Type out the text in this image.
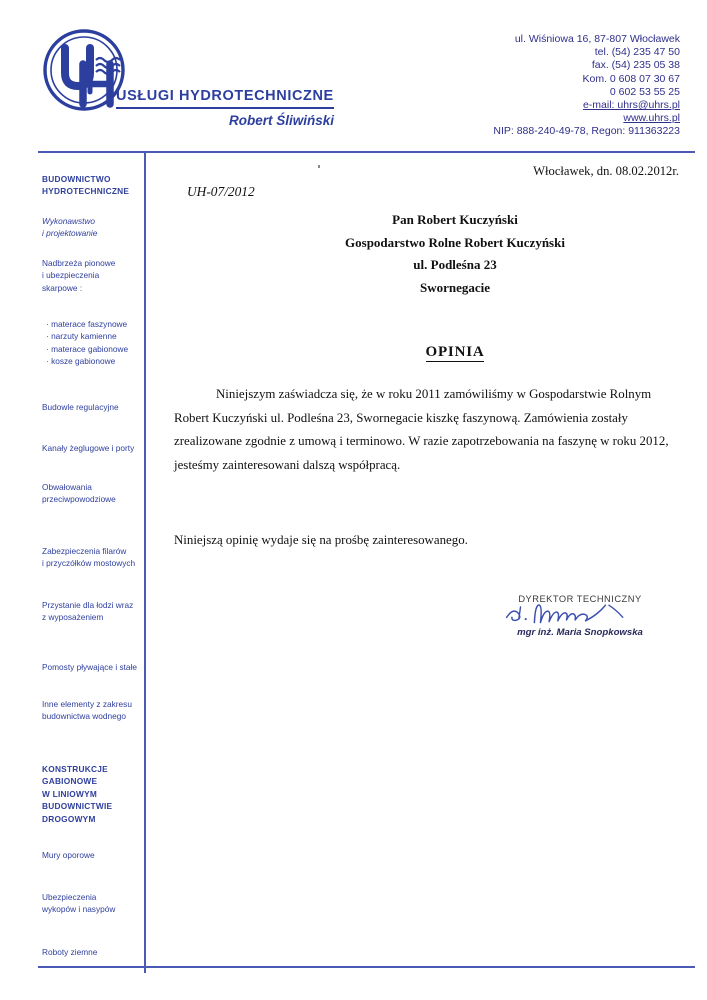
USŁUGI HYDROTECHNICZNE
Robert Śliwiński
ul. Wiśniowa 16, 87-807 Włocławek
tel. (54) 235 47 50
fax. (54) 235 05 38
Kom. 0 608 07 30 67
0 602 53 55 25
e-mail: uhrs@uhrs.pl
www.uhrs.pl
NIP: 888-240-49-78, Regon: 911363223
BUDOWNICTWO
HYDROTECHNICZNE
Wykonawstwo
i projektowanie
Nadbrzeża pionowe
i ubezpieczenia
skarpowe :
· materace faszynowe
· narzuty kamienne
· materace gabionowe
· kosze gabionowe
Budowle regulacyjne
Kanały żeglugowe i porty
Obwałowania
przeciwpowodziowe
Zabezpieczenia filarów
i przyczółków mostowych
Przystanie dla łodzi wraz
z wyposażeniem
Pomosty pływające i stałe
Inne elementy z zakresu
budownictwa wodnego
KONSTRUKCJE
GABIONOWE
W LINIOWYM
BUDOWNICTWIE
DROGOWYM
Mury oporowe
Ubezpieczenia
wykopów i nasypów
Roboty ziemne
Włocławek, dn. 08.02.2012r.
UH-07/2012
Pan Robert Kuczyński
Gospodarstwo Rolne Robert Kuczyński
ul. Podleśna 23
Swornegacie
OPINIA
Niniejszym zaświadcza się, że w roku 2011 zamówiliśmy w Gospodarstwie Rolnym Robert Kuczyński ul. Podleśna 23, Swornegacie kiszkę faszynową. Zamówienia zostały zrealizowane zgodnie z umową i terminowo. W razie zapotrzebowania na faszynę w roku 2012, jesteśmy zainteresowani dalszą współpracą.
Niniejszą opinię wydaje się na prośbę zainteresowanego.
DYREKTOR TECHNICZNY
mgr inż. Maria Snopkowska
